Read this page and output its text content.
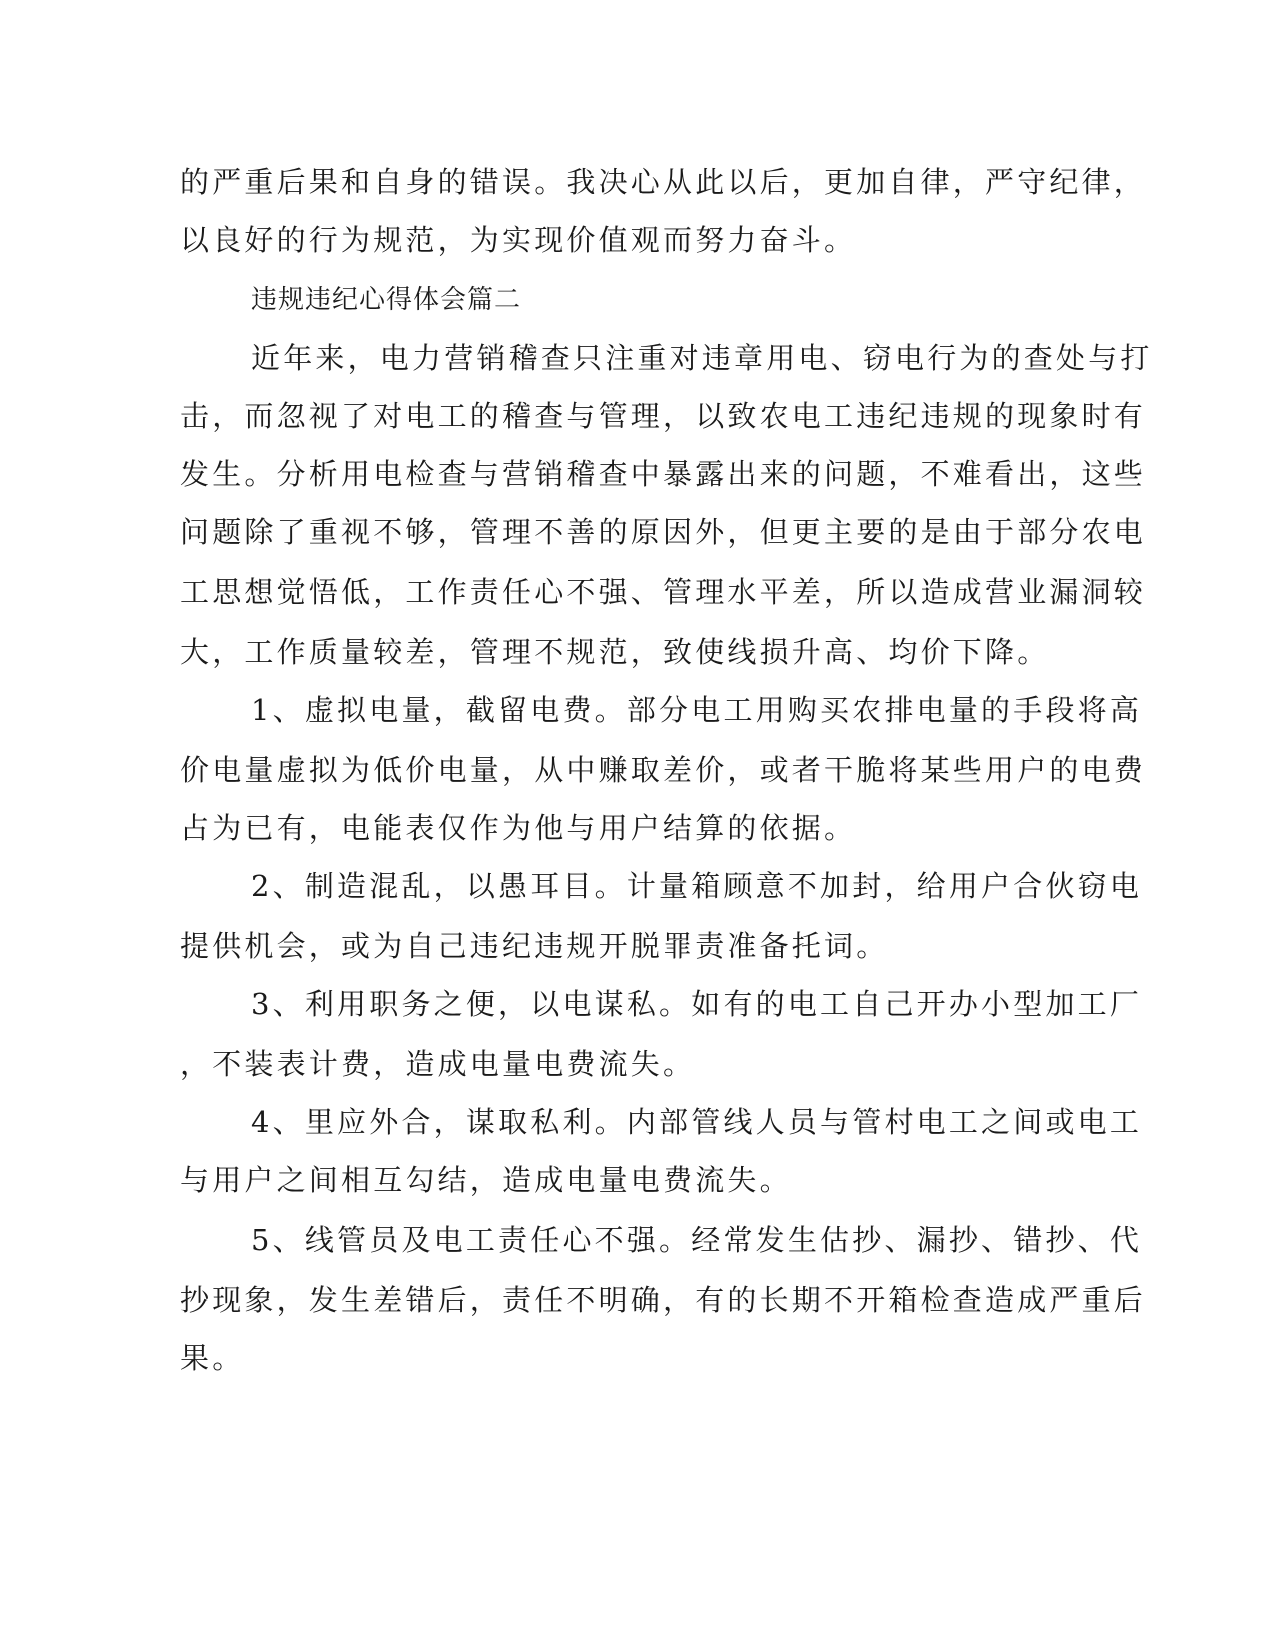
的严重后果和自身的错误。我决心从此以后，更加自律，严守纪律，
以良好的行为规范，为实现价值观而努力奋斗。
违规违纪心得体会篇二
近年来，电力营销稽查只注重对违章用电、窃电行为的查处与打
击，而忽视了对电工的稽查与管理，以致农电工违纪违规的现象时有
发生。分析用电检查与营销稽查中暴露出来的问题，不难看出，这些
问题除了重视不够，管理不善的原因外，但更主要的是由于部分农电
工思想觉悟低，工作责任心不强、管理水平差，所以造成营业漏洞较
大，工作质量较差，管理不规范，致使线损升高、均价下降。
1、虚拟电量，截留电费。部分电工用购买农排电量的手段将高
价电量虚拟为低价电量，从中赚取差价，或者干脆将某些用户的电费
占为已有，电能表仅作为他与用户结算的依据。
2、制造混乱，以愚耳目。计量箱顾意不加封，给用户合伙窃电
提供机会，或为自己违纪违规开脱罪责准备托词。
3、利用职务之便，以电谋私。如有的电工自己开办小型加工厂
，不装表计费，造成电量电费流失。
4、里应外合，谋取私利。内部管线人员与管村电工之间或电工
与用户之间相互勾结，造成电量电费流失。
5、线管员及电工责任心不强。经常发生估抄、漏抄、错抄、代
抄现象，发生差错后，责任不明确，有的长期不开箱检查造成严重后
果。
